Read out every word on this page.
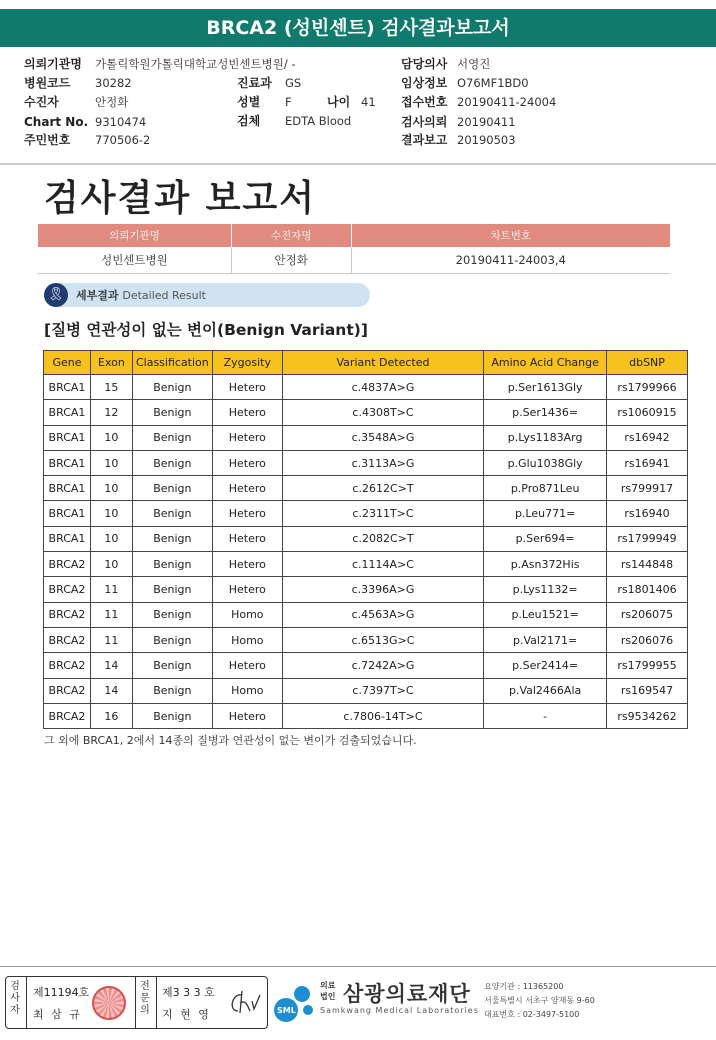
BRCA2 (성빈센트) 검사결과보고서
의뢰기관명 가톨릭학원가톨릭대학교성빈센트병원/ -
병원코드 30282
수진자	안정화
Chart No. 9310474
주민번호 770506-2
진료과 GS
성별 F	나이 41
검체 EDTA Blood
담당의사 서영진
임상정보 O76MF1BD0
접수번호 20190411-24004
검사의뢰 20190411
결과보고 20190503
검사결과 보고서
의뢰기관명	수진자명	차트번호
성빈센트병원	안정화	20190411-24003,4
🎗	세부결과 Detailed Result
[질병 연관성이 없는 변이(Benign Variant)]
Gene	Exon	Classification	Zygosity	Variant Detected	Amino Acid Change	dbSNP
BRCA1	15	Benign	Hetero	c.4837A>G	p.Ser1613Gly	rs1799966
BRCA1	12	Benign	Hetero	c.4308T>C	p.Ser1436=	rs1060915
BRCA1	10	Benign	Hetero	c.3548A>G	p.Lys1183Arg	rs16942
BRCA1	10	Benign	Hetero	c.3113A>G	p.Glu1038Gly	rs16941
BRCA1	10	Benign	Hetero	c.2612C>T	p.Pro871Leu	rs799917
BRCA1	10	Benign	Hetero	c.2311T>C	p.Leu771=	rs16940
BRCA1	10	Benign	Hetero	c.2082C>T	p.Ser694=	rs1799949
BRCA2	10	Benign	Hetero	c.1114A>C	p.Asn372His	rs144848
BRCA2	11	Benign	Hetero	c.3396A>G	p.Lys1132=	rs1801406
BRCA2	11	Benign	Homo	c.4563A>G	p.Leu1521=	rs206075
BRCA2	11	Benign	Homo	c.6513G>C	p.Val2171=	rs206076
BRCA2	14	Benign	Hetero	c.7242A>G	p.Ser2414=	rs1799955
BRCA2	14	Benign	Homo	c.7397T>C	p.Val2466Ala	rs169547
BRCA2	16	Benign	Hetero	c.7806-14T>C	-	rs9534262
그 외에 BRCA1, 2에서 14종의 질병과 연관성이 없는 변이가 검출되었습니다.
검사자
제11194호
최 삼 규
전문의
제3 3 3 호
지 현 영	SML
의료
법인 삼광의료재단
Samkwang Medical Laboratories
요양기관 : 11365200
서울특별시 서초구 양재동 9-60
대표번호 : 02-3497-5100
